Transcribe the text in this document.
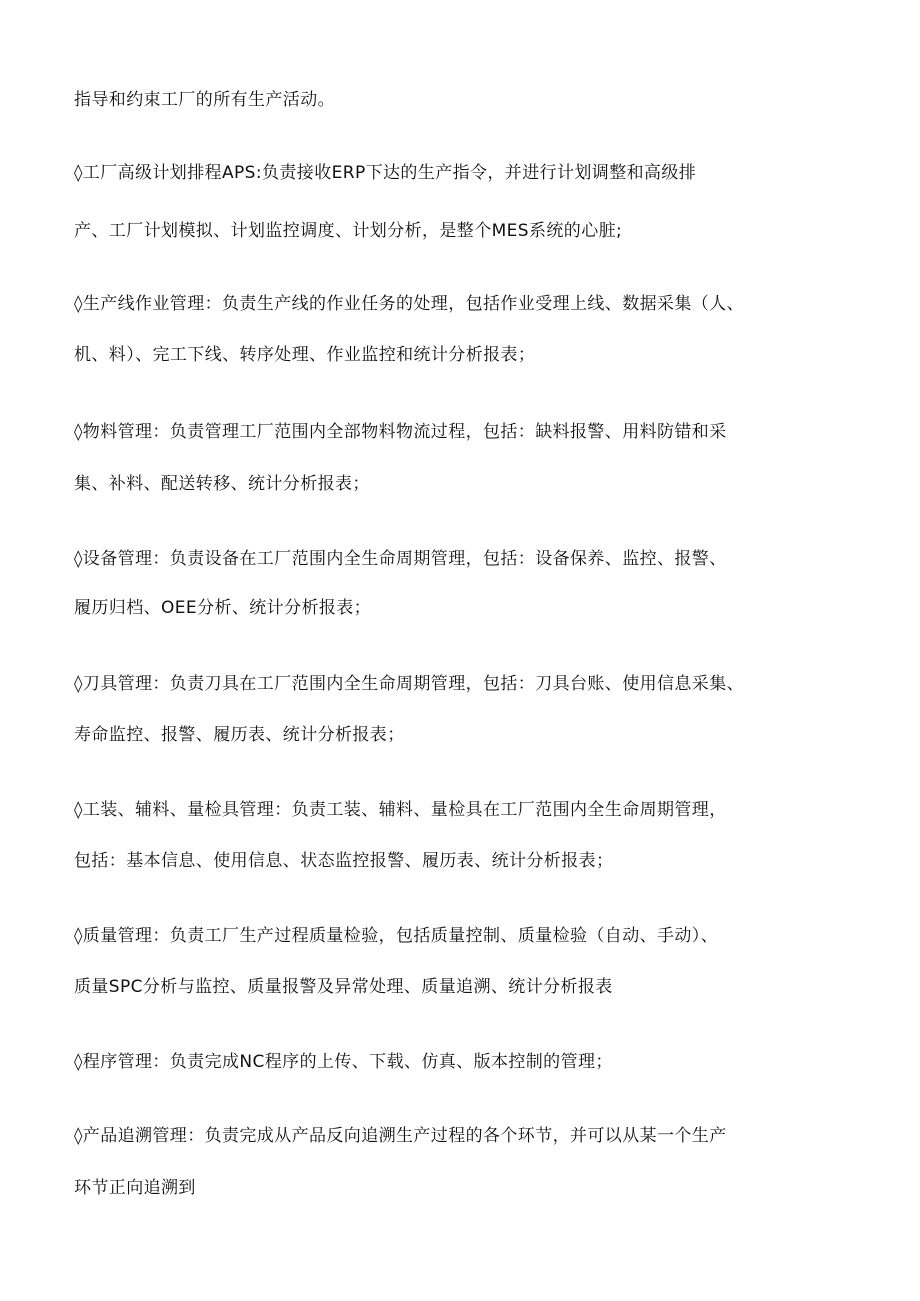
指导和约束工厂的所有生产活动。
◊工厂高级计划排程APS:负责接收ERP下达的生产指令，并进行计划调整和高级排
产、工厂计划模拟、计划监控调度、计划分析，是整个MES系统的心脏;
◊生产线作业管理：负责生产线的作业任务的处理，包括作业受理上线、数据采集（人、
机、料）、完工下线、转序处理、作业监控和统计分析报表；
◊物料管理：负责管理工厂范围内全部物料物流过程，包括：缺料报警、用料防错和采
集、补料、配送转移、统计分析报表；
◊设备管理：负责设备在工厂范围内全生命周期管理，包括：设备保养、监控、报警、
履历归档、OEE分析、统计分析报表；
◊刀具管理：负责刀具在工厂范围内全生命周期管理，包括：刀具台账、使用信息采集、
寿命监控、报警、履历表、统计分析报表；
◊工装、辅料、量检具管理：负责工装、辅料、量检具在工厂范围内全生命周期管理，
包括：基本信息、使用信息、状态监控报警、履历表、统计分析报表；
◊质量管理：负责工厂生产过程质量检验，包括质量控制、质量检验（自动、手动）、
质量SPC分析与监控、质量报警及异常处理、质量追溯、统计分析报表
◊程序管理：负责完成NC程序的上传、下载、仿真、版本控制的管理；
◊产品追溯管理：负责完成从产品反向追溯生产过程的各个环节，并可以从某一个生产
环节正向追溯到
